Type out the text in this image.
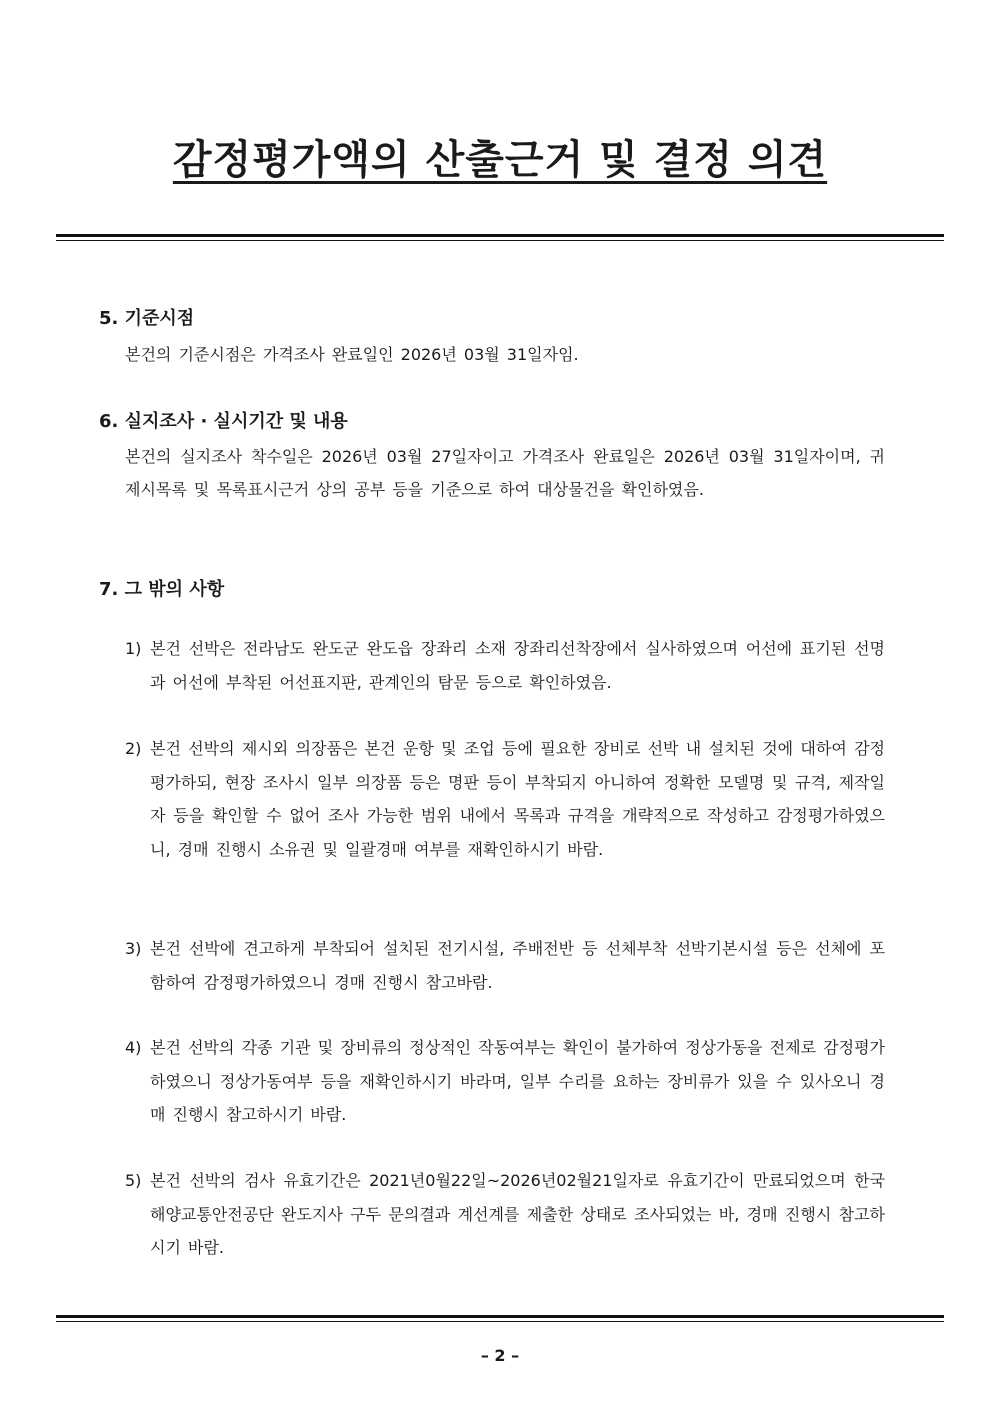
감정평가액의 산출근거 및 결정 의견
5. 기준시점
본건의 기준시점은 가격조사 완료일인 2026년 03월 31일자임.
6. 실지조사 · 실시기간 및 내용
본건의 실지조사 착수일은 2026년 03월 27일자이고 가격조사 완료일은 2026년 03월 31일자이며, 귀 제시목록 및 목록표시근거 상의 공부 등을 기준으로 하여 대상물건을 확인하였음.
7. 그 밖의 사항
1) 본건 선박은 전라남도 완도군 완도읍 장좌리 소재 장좌리선착장에서 실사하였으며 어선에 표기된 선명과 어선에 부착된 어선표지판, 관계인의 탐문 등으로 확인하였음.
2) 본건 선박의 제시외 의장품은 본건 운항 및 조업 등에 필요한 장비로 선박 내 설치된 것에 대하여 감정평가하되, 현장 조사시 일부 의장품 등은 명판 등이 부착되지 아니하여 정확한 모델명 및 규격, 제작일자 등을 확인할 수 없어 조사 가능한 범위 내에서 목록과 규격을 개략적으로 작성하고 감정평가하였으니, 경매 진행시 소유권 및 일괄경매 여부를 재확인하시기 바람.
3) 본건 선박에 견고하게 부착되어 설치된 전기시설, 주배전반 등 선체부착 선박기본시설 등은 선체에 포함하여 감정평가하였으니 경매 진행시 참고바람.
4) 본건 선박의 각종 기관 및 장비류의 정상적인 작동여부는 확인이 불가하여 정상가동을 전제로 감정평가하였으니 정상가동여부 등을 재확인하시기 바라며, 일부 수리를 요하는 장비류가 있을 수 있사오니 경매 진행시 참고하시기 바람.
5) 본건 선박의 검사 유효기간은 2021년0월22일~2026년02월21일자로 유효기간이 만료되었으며 한국해양교통안전공단 완도지사 구두 문의결과 계선계를 제출한 상태로 조사되었는 바, 경매 진행시 참고하시기 바람.
– 2 –
